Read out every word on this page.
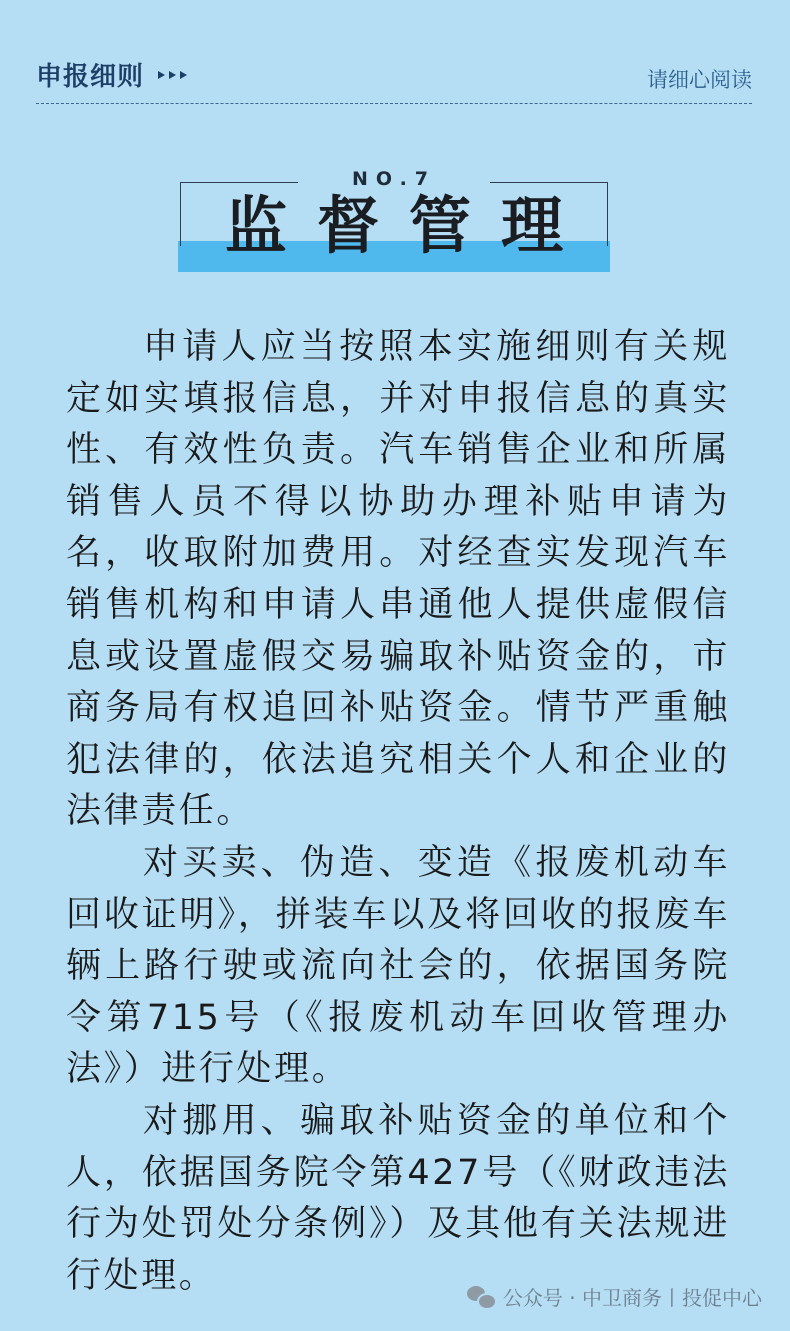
申报细则	请细心阅读
NO.7
监督管理

申请人应当按照本实施细则有关规定如实填报信息，并对申报信息的真实性、有效性负责。汽车销售企业和所属销售人员不得以协助办理补贴申请为名，收取附加费用。对经查实发现汽车销售机构和申请人串通他人提供虚假信息或设置虚假交易骗取补贴资金的，市商务局有权追回补贴资金。情节严重触犯法律的，依法追究相关个人和企业的法律责任。

对买卖、伪造、变造《报废机动车回收证明》，拼装车以及将回收的报废车辆上路行驶或流向社会的，依据国务院令第715号（《报废机动车回收管理办法》）进行处理。

对挪用、骗取补贴资金的单位和个人，依据国务院令第427号（《财政违法行为处罚处分条例》）及其他有关法规进行处理。

公众号 · 中卫商务丨投促中心
